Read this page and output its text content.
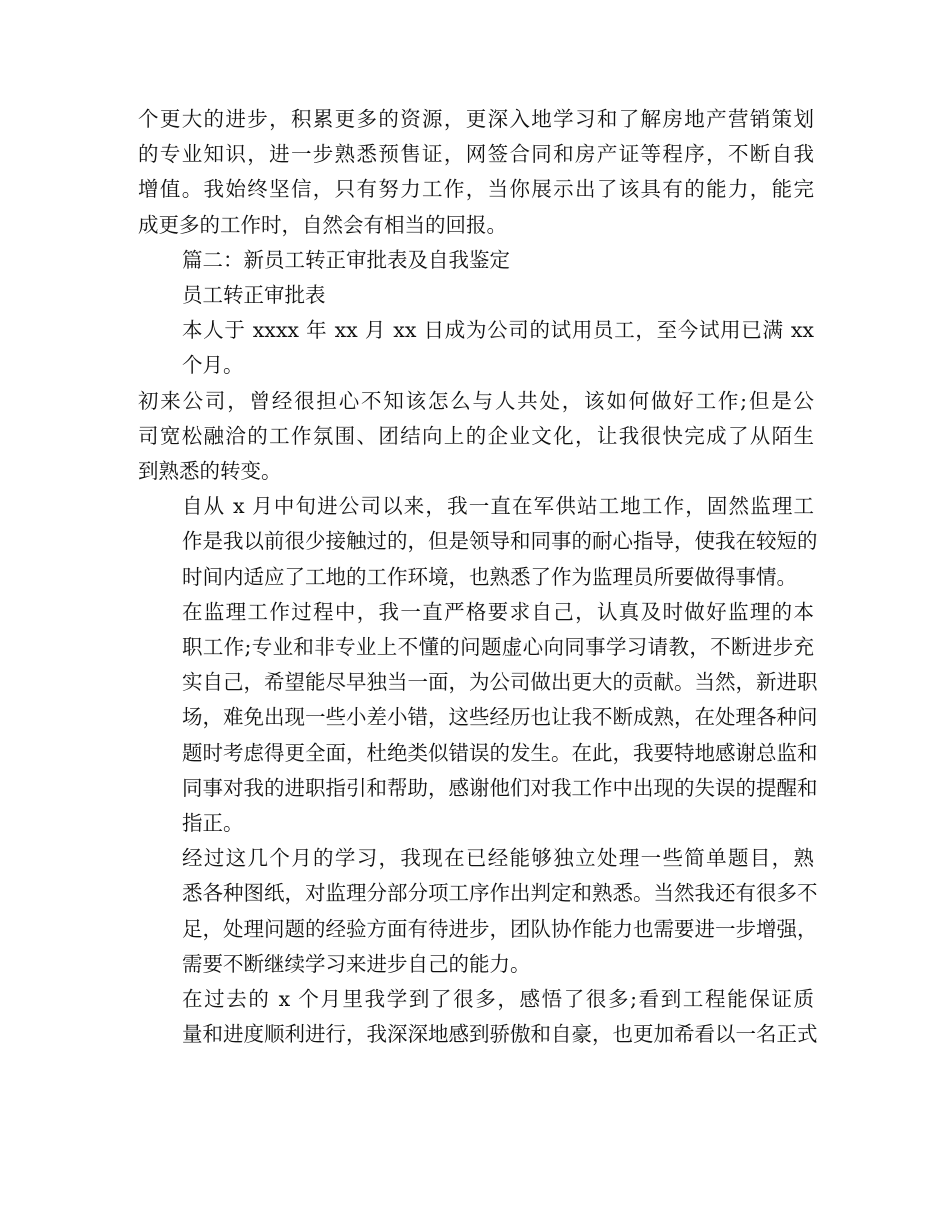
个更大的进步，积累更多的资源，更深入地学习和了解房地产营销策划
的专业知识，进一步熟悉预售证，网签合同和房产证等程序，不断自我
增值。我始终坚信，只有努力工作，当你展示出了该具有的能力，能完
成更多的工作时，自然会有相当的回报。

篇二：新员工转正审批表及自我鉴定

员工转正审批表

本人于 xxxx 年 xx 月 xx 日成为公司的试用员工，至今试用已满 xx
个月。

初来公司，曾经很担心不知该怎么与人共处，该如何做好工作;但是公
司宽松融洽的工作氛围、团结向上的企业文化，让我很快完成了从陌生
到熟悉的转变。

自从 x 月中旬进公司以来，我一直在军供站工地工作，固然监理工
作是我以前很少接触过的，但是领导和同事的耐心指导，使我在较短的
时间内适应了工地的工作环境，也熟悉了作为监理员所要做得事情。

在监理工作过程中，我一直严格要求自己，认真及时做好监理的本
职工作;专业和非专业上不懂的问题虚心向同事学习请教，不断进步充
实自己，希望能尽早独当一面，为公司做出更大的贡献。当然，新进职
场，难免出现一些小差小错，这些经历也让我不断成熟，在处理各种问
题时考虑得更全面，杜绝类似错误的发生。在此，我要特地感谢总监和
同事对我的进职指引和帮助，感谢他们对我工作中出现的失误的提醒和
指正。

经过这几个月的学习，我现在已经能够独立处理一些简单题目，熟
悉各种图纸，对监理分部分项工序作出判定和熟悉。当然我还有很多不
足，处理问题的经验方面有待进步，团队协作能力也需要进一步增强，
需要不断继续学习来进步自己的能力。

在过去的 x 个月里我学到了很多，感悟了很多;看到工程能保证质
量和进度顺利进行，我深深地感到骄傲和自豪，也更加希看以一名正式
